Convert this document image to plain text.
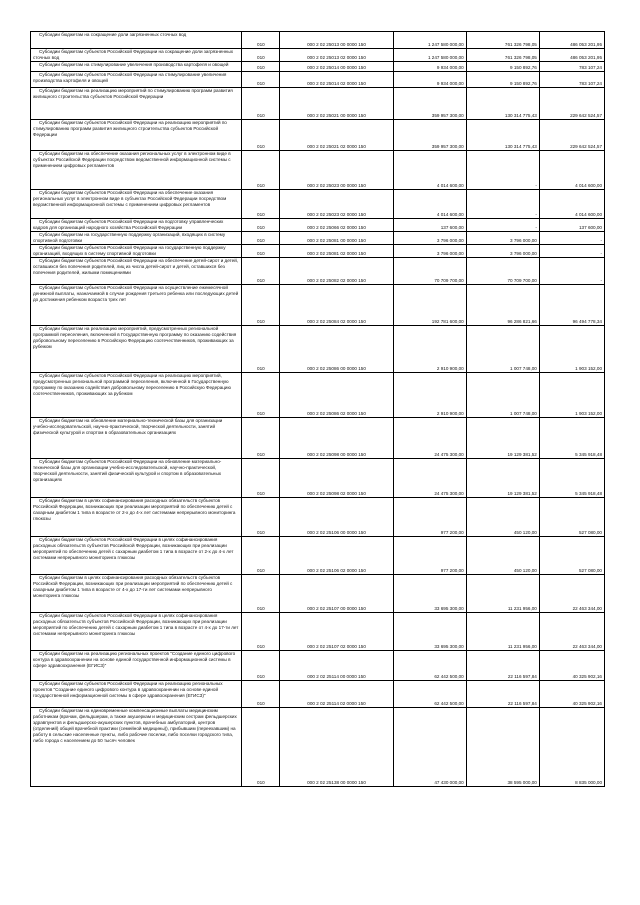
Субсидии бюджетам на сокращение доли загрязненных сточных вод	010	000 2 02 25013 00 0000 150	1 247 580 000,00	761 326 798,05	486 053 201,95
Субсидии бюджетам субъектов Российской Федерации на сокращение доли загрязненных сточных вод	010	000 2 02 25013 02 0000 150	1 247 580 000,00	761 326 798,05	486 053 201,95
Субсидии бюджетам на стимулирование увеличения производства картофеля и овощей	010	000 2 02 25014 00 0000 150	9 934 000,00	9 150 892,76	783 107,24
Субсидии бюджетам субъектов Российской Федерации на стимулирование увеличения производства картофеля и овощей	010	000 2 02 25014 02 0000 150	9 934 000,00	9 150 892,76	783 107,24
Субсидии бюджетам на реализацию мероприятий по стимулированию программ развития жилищного строительства субъектов Российской Федерации	010	000 2 02 25021 00 0000 150	359 957 300,00	130 314 775,43	229 642 524,57
Субсидии бюджетам субъектов Российской Федерации на реализацию мероприятий по стимулированию программ развития жилищного строительства субъектов Российской Федерации	010	000 2 02 25021 02 0000 150	359 957 300,00	130 314 775,43	229 642 524,57
Субсидии бюджетам на обеспечение оказания региональных услуг в электронном виде в субъектах Российской Федерации посредством ведомственной информационной системы с применением цифровых регламентов	010	000 2 02 25023 00 0000 150	4 014 600,00	-	4 014 600,00
Субсидии бюджетам субъектов Российской Федерации на обеспечение оказания региональных услуг в электронном виде в субъектах Российской Федерации посредством ведомственной информационной системы с применением цифровых регламентов	010	000 2 02 25023 02 0000 150	4 014 600,00	-	4 014 600,00
Субсидии бюджетам субъектов Российской Федерации на подготовку управленческих кадров для организаций народного хозяйства Российской Федерации	010	000 2 02 25066 02 0000 150	137 600,00	-	137 600,00
Субсидии бюджетам на государственную поддержку организаций, входящих в систему спортивной подготовки	010	000 2 02 25081 00 0000 150	3 796 000,00	3 796 000,00	-
Субсидии бюджетам субъектов Российской Федерации на государственную поддержку организаций, входящих в систему спортивной подготовки	010	000 2 02 25081 02 0000 150	3 796 000,00	3 796 000,00	-
Субсидии бюджетам субъектов Российской Федерации на обеспечение детей-сирот и детей, оставшихся без попечения родителей, лиц из числа детей-сирот и детей, оставшихся без попечения родителей, жилыми помещениями	010	000 2 02 25082 02 0000 150	70 709 700,00	70 709 700,00	-
Субсидии бюджетам субъектов Российской Федерации на осуществление ежемесячной денежной выплаты, назначаемой в случае рождения третьего ребенка или последующих детей до достижения ребенком возраста трех лет	010	000 2 02 25084 02 0000 150	192 781 600,00	96 286 821,66	96 494 778,34
Субсидии бюджетам на реализацию мероприятий, предусмотренных региональной программой переселения, включенной в Государственную программу по оказанию содействия добровольному переселению в Российскую Федерацию соотечественников, проживающих за рубежом	010	000 2 02 25086 00 0000 150	2 910 900,00	1 007 748,00	1 903 152,00
Субсидии бюджетам субъектов Российской Федерации на реализацию мероприятий, предусмотренных региональной программой переселения, включенной в Государственную программу по оказанию содействия добровольному переселению в Российскую Федерацию соотечественников, проживающих за рубежом	010	000 2 02 25086 02 0000 150	2 910 900,00	1 007 748,00	1 903 152,00
Субсидии бюджетам на обновление материально-технической базы для организации учебно-исследовательской, научно-практической, творческой деятельности, занятий физической культурой и спортом в образовательных организациях	010	000 2 02 25098 00 0000 150	24 475 300,00	19 129 381,52	5 345 918,48
Субсидии бюджетам субъектов Российской Федерации на обновление материально-технической базы для организации учебно-исследовательской, научно-практической, творческой деятельности, занятий физической культурой и спортом в образовательных организациях	010	000 2 02 25098 02 0000 150	24 475 300,00	19 129 381,52	5 345 918,48
Субсидии бюджетам в целях софинансирования расходных обязательств субъектов Российской Федерации, возникающих при реализации мероприятий по обеспечению детей с сахарным диабетом 1 типа в возрасте от 2-х до 4-х лет системами непрерывного мониторинга глюкозы	010	000 2 02 25106 00 0000 150	977 200,00	450 120,00	527 080,00
Субсидии бюджетам субъектов Российской Федерации в целях софинансирования расходных обязательств субъектов Российской Федерации, возникающих при реализации мероприятий по обеспечению детей с сахарным диабетом 1 типа в возрасте от 2-х до 4-х лет системами непрерывного мониторинга глюкозы	010	000 2 02 25106 02 0000 150	977 200,00	450 120,00	527 080,00
Субсидии бюджетам в целях софинансирования расходных обязательств субъектов Российской Федерации, возникающих при реализации мероприятий по обеспечению детей с сахарным диабетом 1 типа в возрасте от 4-х до 17-ти лет системами непрерывного мониторинга глюкозы	010	000 2 02 25107 00 0000 150	33 695 300,00	11 231 956,00	22 463 344,00
Субсидии бюджетам субъектов Российской Федерации в целях софинансирования расходных обязательств субъектов Российской Федерации, возникающих при реализации мероприятий по обеспечению детей с сахарным диабетом 1 типа в возрасте от 4-х до 17-ти лет системами непрерывного мониторинга глюкозы	010	000 2 02 25107 02 0000 150	33 695 300,00	11 231 956,00	22 463 344,00
Субсидии бюджетам на реализацию региональных проектов "Создание единого цифрового контура в здравоохранении на основе единой государственной информационной системы в сфере здравоохранения (ЕГИСЗ)"	010	000 2 02 25114 00 0000 150	62 442 500,00	22 116 597,84	40 325 902,16
Субсидии бюджетам субъектов Российской Федерации на реализацию региональных проектов "Создание единого цифрового контура в здравоохранении на основе единой государственной информационной системы в сфере здравоохранения (ЕГИСЗ)"	010	000 2 02 25114 02 0000 150	62 442 500,00	22 116 597,84	40 325 902,16
Субсидии бюджетам на единовременные компенсационные выплаты медицинским работникам (врачам, фельдшерам, а также акушеркам и медицинским сестрам фельдшерских здравпунктов и фельдшерско-акушерских пунктов, врачебных амбулаторий, центров (отделений) общей врачебной практики (семейной медицины)), прибывшим (переехавшим) на работу в сельские населенные пункты, либо рабочие поселки, либо поселки городского типа, либо города с населением до 50 тысяч человек	010	000 2 02 25138 00 0000 150	47 430 000,00	38 595 000,00	8 835 000,00
